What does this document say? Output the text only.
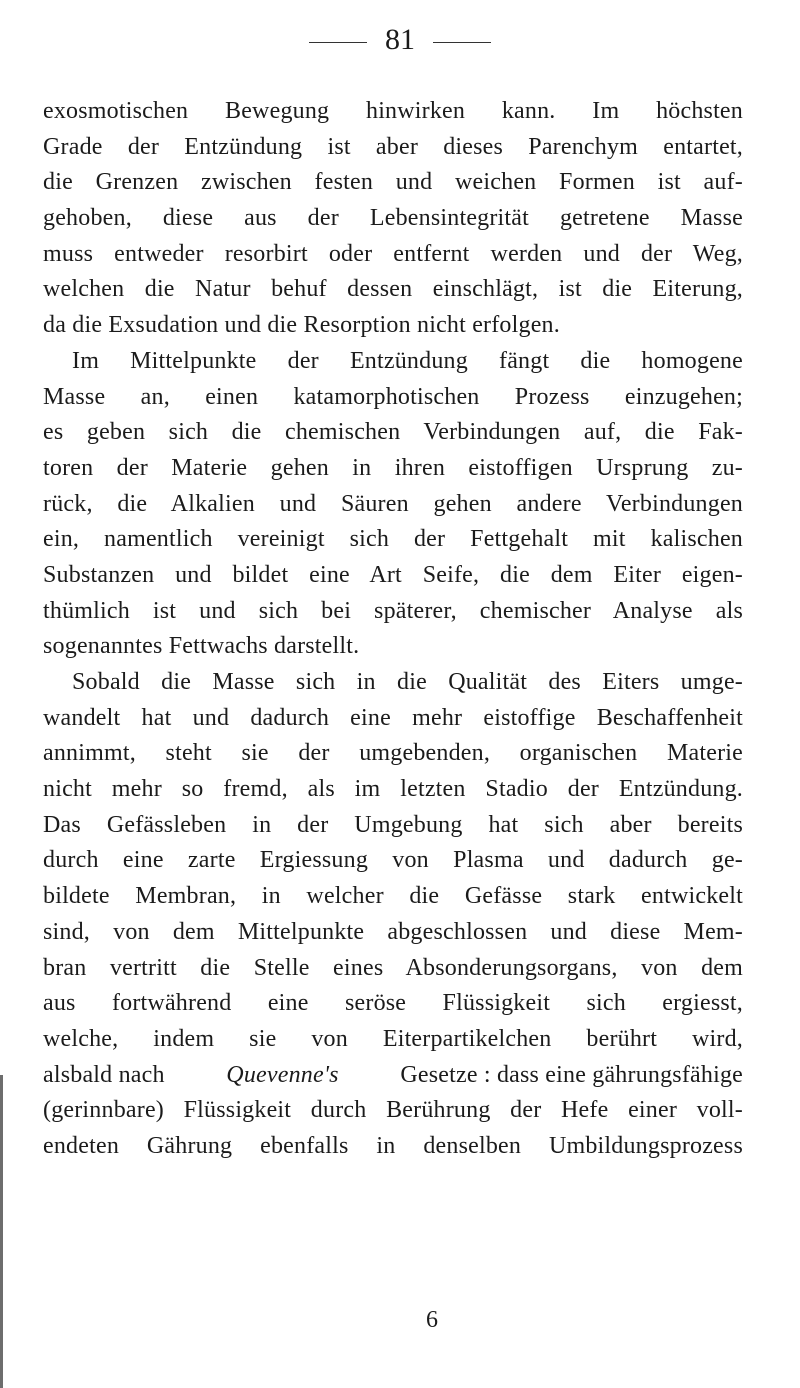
81
exosmotischen Bewegung hinwirken kann. Im höchsten
Grade der Entzündung ist aber dieses Parenchym entartet,
die Grenzen zwischen festen und weichen Formen ist auf-
gehoben, diese aus der Lebensintegrität getretene Masse
muss entweder resorbirt oder entfernt werden und der Weg,
welchen die Natur behuf dessen einschlägt, ist die Eiterung,
da die Exsudation und die Resorption nicht erfolgen.
Im Mittelpunkte der Entzündung fängt die homogene
Masse an, einen katamorphotischen Prozess einzugehen;
es geben sich die chemischen Verbindungen auf, die Fak-
toren der Materie gehen in ihren eistoffigen Ursprung zu-
rück, die Alkalien und Säuren gehen andere Verbindungen
ein, namentlich vereinigt sich der Fettgehalt mit kalischen
Substanzen und bildet eine Art Seife, die dem Eiter eigen-
thümlich ist und sich bei späterer, chemischer Analyse als
sogenanntes Fettwachs darstellt.
Sobald die Masse sich in die Qualität des Eiters umge-
wandelt hat und dadurch eine mehr eistoffige Beschaffenheit
annimmt, steht sie der umgebenden, organischen Materie
nicht mehr so fremd, als im letzten Stadio der Entzündung.
Das Gefässleben in der Umgebung hat sich aber bereits
durch eine zarte Ergiessung von Plasma und dadurch ge-
bildete Membran, in welcher die Gefässe stark entwickelt
sind, von dem Mittelpunkte abgeschlossen und diese Mem-
bran vertritt die Stelle eines Absonderungsorgans, von dem
aus fortwährend eine seröse Flüssigkeit sich ergiesst,
welche, indem sie von Eiterpartikelchen berührt wird,
alsbald nach	Quevenne's	Gesetze : dass eine gährungsfähige
(gerinnbare) Flüssigkeit durch Berührung der Hefe einer voll-
endeten Gährung ebenfalls in denselben Umbildungsprozess
6
